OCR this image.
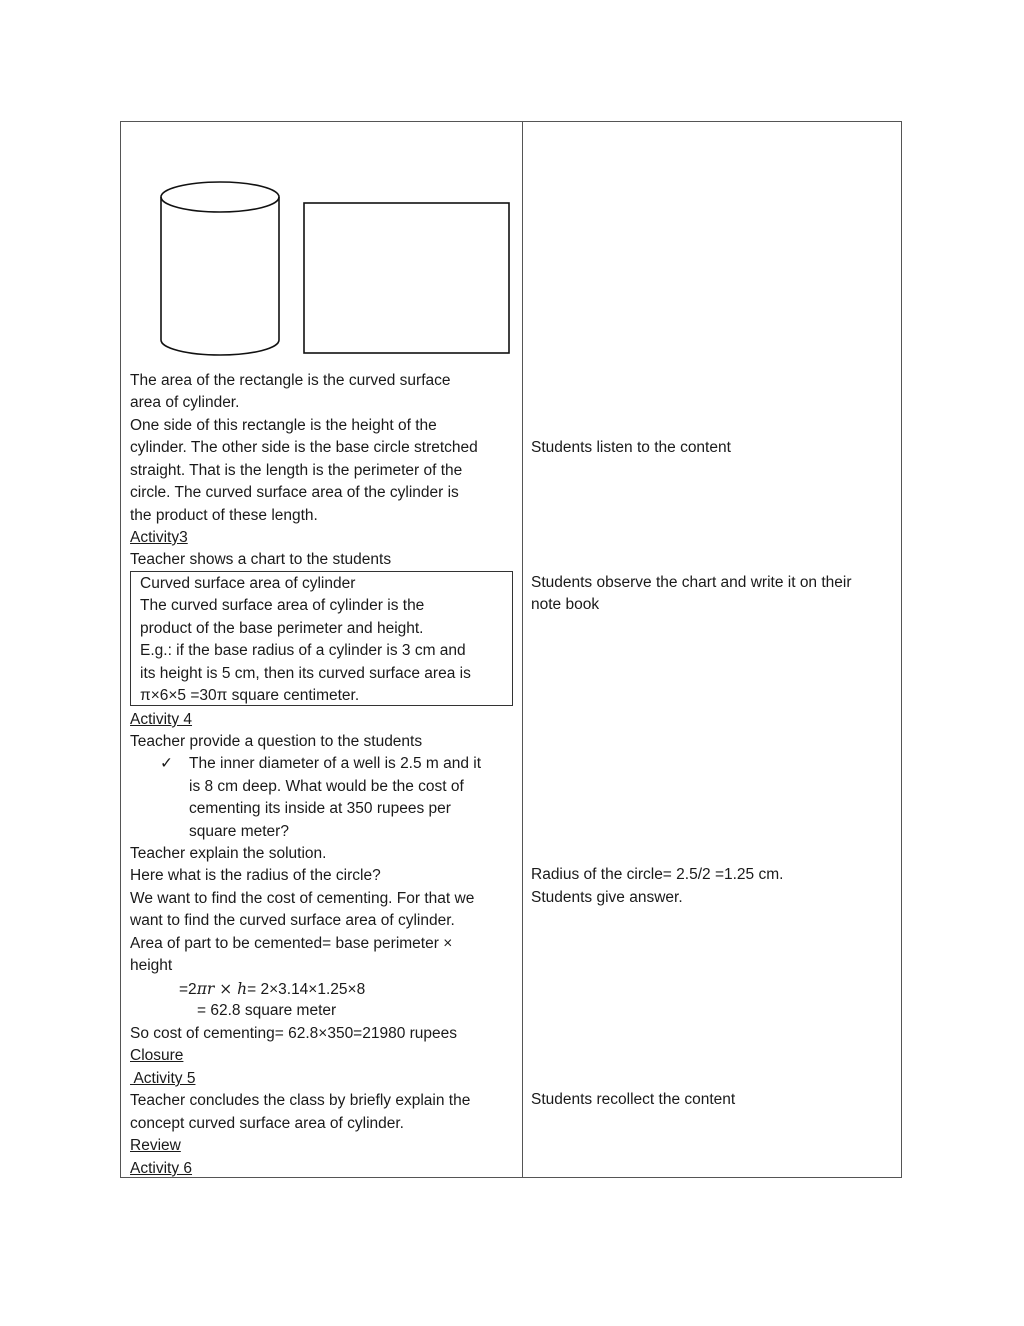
The area of the rectangle is the curved surface
area of cylinder.
One side of this rectangle is the height of the
cylinder. The other side is the base circle stretched
straight. That is the length is the perimeter of the
circle. The curved surface area of the cylinder is
the product of these length.
Activity3
Teacher shows a chart to the students
Curved surface area of cylinder
The curved surface area of cylinder is the
product of the base perimeter and height.
E.g.: if the base radius of a cylinder is 3 cm and
its height is 5 cm, then its curved surface area is
π×6×5 =30π square centimeter.
Activity 4
Teacher provide a question to the students
✓ The inner diameter of a well is 2.5 m and it
is 8 cm deep. What would be the cost of
cementing its inside at 350 rupees per
square meter?
Teacher explain the solution.
Here what is the radius of the circle?
We want to find the cost of cementing. For that we
want to find the curved surface area of cylinder.
Area of part to be cemented= base perimeter ×
height
=2πr × h= 2×3.14×1.25×8
= 62.8 square meter
So cost of cementing= 62.8×350=21980 rupees
Closure
Activity 5
Teacher concludes the class by briefly explain the
concept curved surface area of cylinder.
Review
Activity 6
Students listen to the content
Students observe the chart and write it on their
note book
Radius of the circle= 2.5/2 =1.25 cm.
Students give answer.
Students recollect the content
